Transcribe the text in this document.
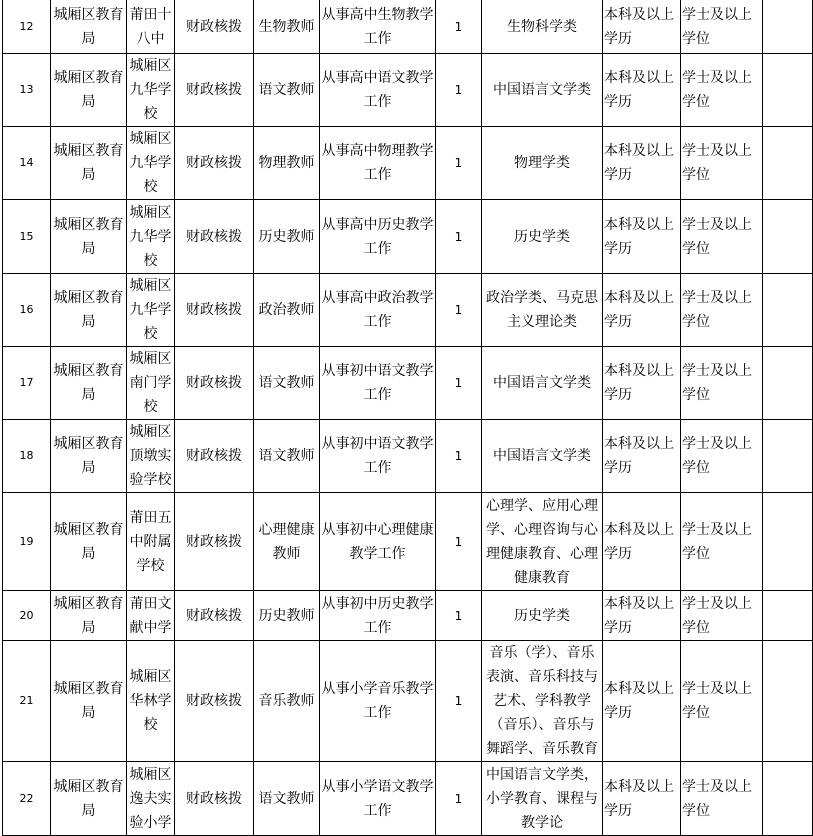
12	城厢区教育局	莆田十八中	财政核拨	生物教师	从事高中生物教学工作	1	生物科学类	本科及以上学历	学士及以上学位	
13	城厢区教育局	城厢区九华学校	财政核拨	语文教师	从事高中语文教学工作	1	中国语言文学类	本科及以上学历	学士及以上学位	
14	城厢区教育局	城厢区九华学校	财政核拨	物理教师	从事高中物理教学工作	1	物理学类	本科及以上学历	学士及以上学位	
15	城厢区教育局	城厢区九华学校	财政核拨	历史教师	从事高中历史教学工作	1	历史学类	本科及以上学历	学士及以上学位	
16	城厢区教育局	城厢区九华学校	财政核拨	政治教师	从事高中政治教学工作	1	政治学类、马克思主义理论类	本科及以上学历	学士及以上学位	
17	城厢区教育局	城厢区南门学校	财政核拨	语文教师	从事初中语文教学工作	1	中国语言文学类	本科及以上学历	学士及以上学位	
18	城厢区教育局	城厢区顶墩实验学校	财政核拨	语文教师	从事初中语文教学工作	1	中国语言文学类	本科及以上学历	学士及以上学位	
19	城厢区教育局	莆田五中附属学校	财政核拨	心理健康教师	从事初中心理健康教学工作	1	心理学、应用心理学、心理咨询与心理健康教育、心理健康教育	本科及以上学历	学士及以上学位	
20	城厢区教育局	莆田文献中学	财政核拨	历史教师	从事初中历史教学工作	1	历史学类	本科及以上学历	学士及以上学位	
21	城厢区教育局	城厢区华林学校	财政核拨	音乐教师	从事小学音乐教学工作	1	音乐（学）、音乐表演、音乐科技与艺术、学科教学（音乐）、音乐与舞蹈学、音乐教育	本科及以上学历	学士及以上学位	
22	城厢区教育局	城厢区逸夫实验小学	财政核拨	语文教师	从事小学语文教学工作	1	中国语言文学类，小学教育、课程与教学论	本科及以上学历	学士及以上学位	
